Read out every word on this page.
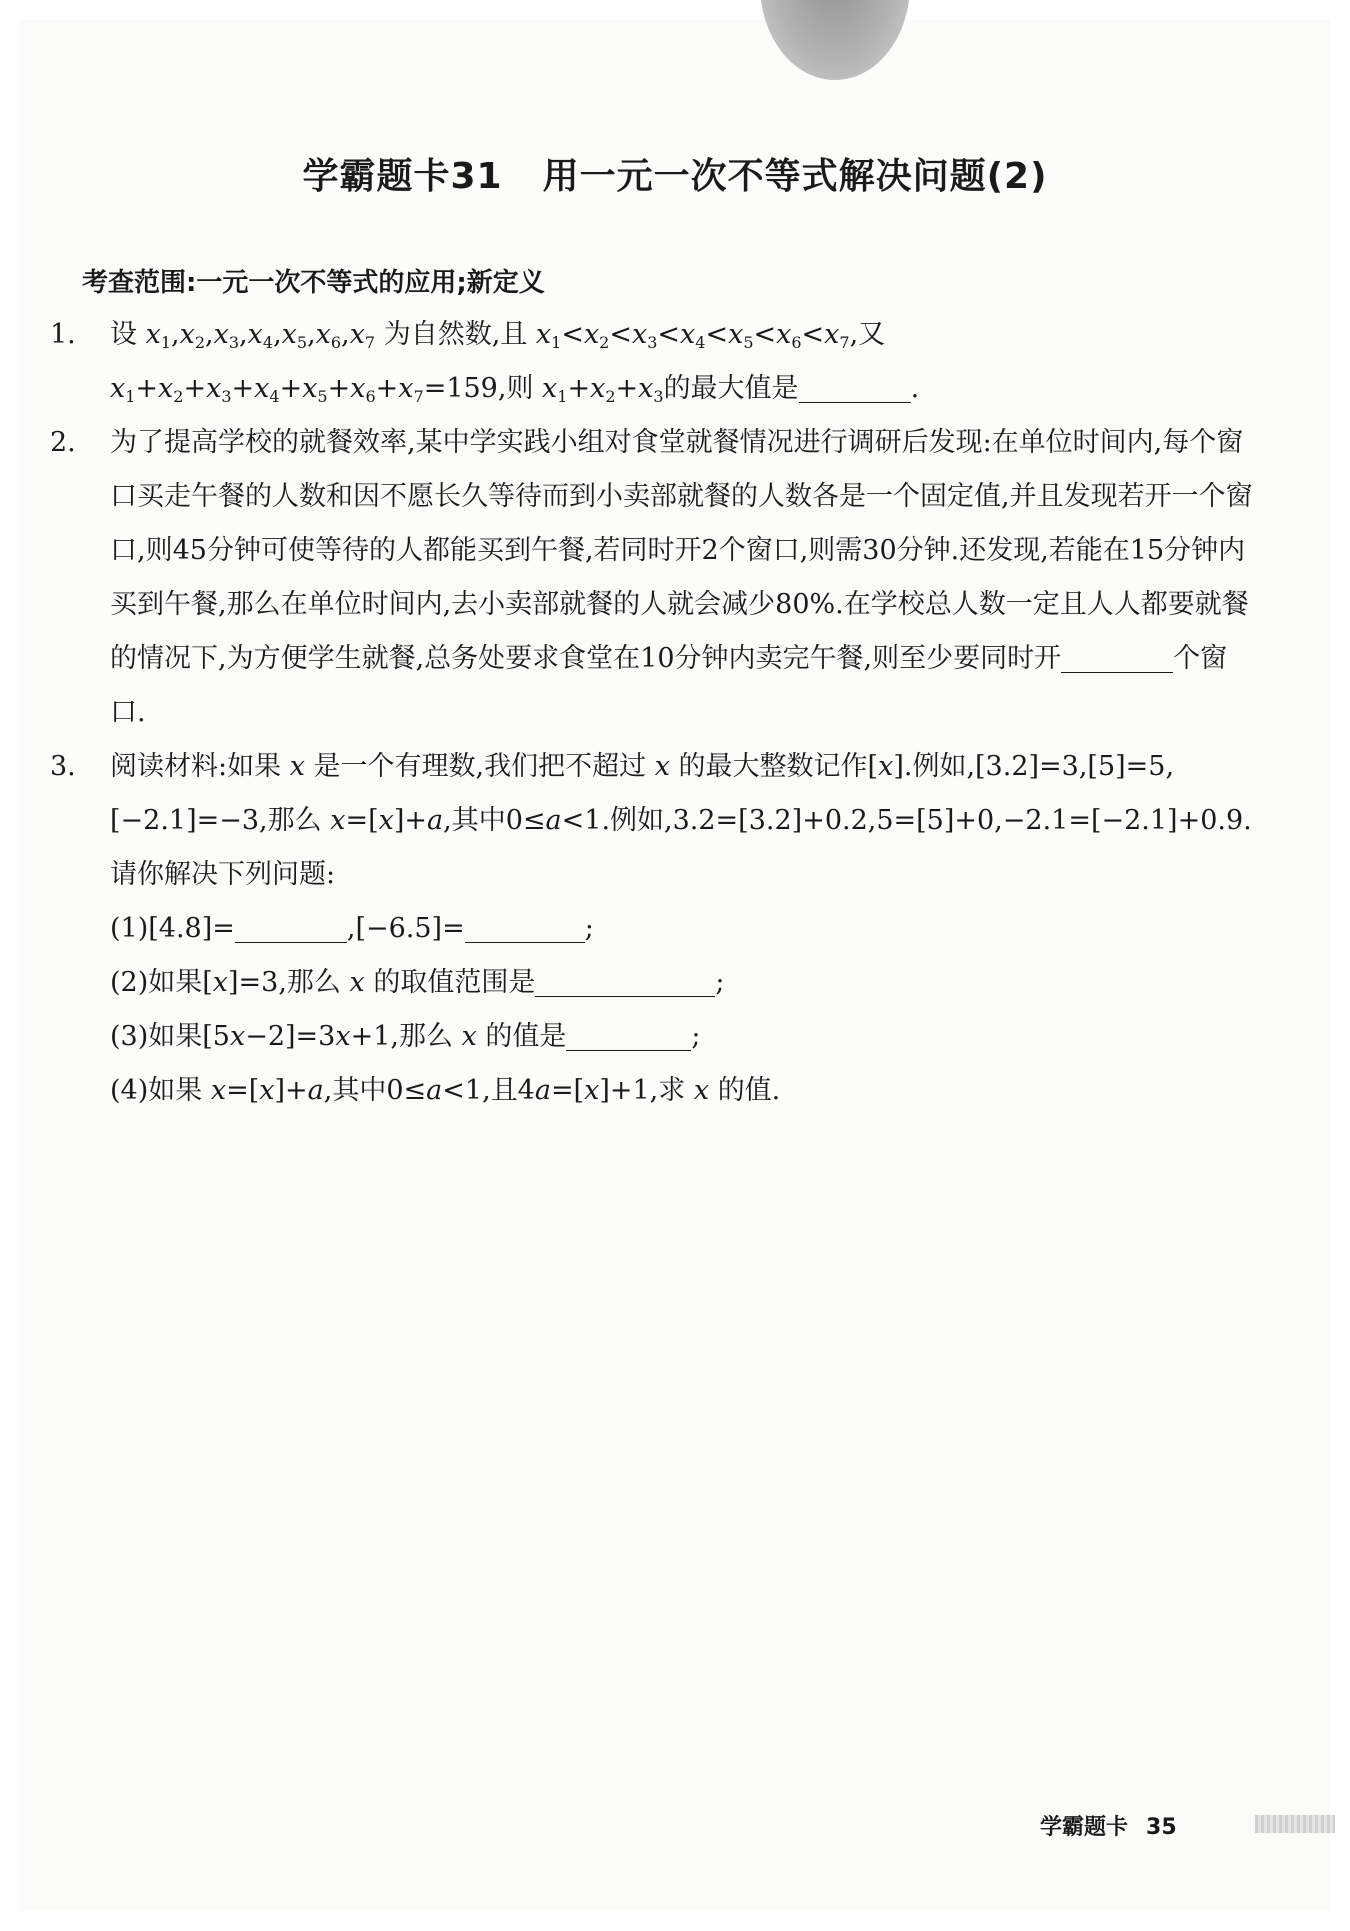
学霸题卡31 用一元一次不等式解决问题(2)
考查范围:一元一次不等式的应用;新定义

1. 设 $x_1,x_2,x_3,x_4,x_5,x_6,x_7$ 为自然数,且 $x_1<x_2<x_3<x_4<x_5<x_6<x_7$,又 $x_1+x_2+x_3+x_4+x_5+x_6+x_7=159$,则 $x_1+x_2+x_3$的最大值是	.

2. 为了提高学校的就餐效率,某中学实践小组对食堂就餐情况进行调研后发现:在单位时间内,每个窗口买走午餐的人数和因不愿长久等待而到小卖部就餐的人数各是一个固定值,并且发现若开一个窗口,则45分钟可使等待的人都能买到午餐,若同时开2个窗口,则需30分钟.还发现,若能在15分钟内买到午餐,那么在单位时间内,去小卖部就餐的人就会减少80%.在学校总人数一定且人人都要就餐的情况下,为方便学生就餐,总务处要求食堂在10分钟内卖完午餐,则至少要同时开	个窗口.

3. 阅读材料:如果 x 是一个有理数,我们把不超过 x 的最大整数记作[x].例如,[3.2]=3,[5]=5,[−2.1]=−3,那么 x=[x]+a,其中0≤a<1.例如,3.2=[3.2]+0.2,5=[5]+0,−2.1=[−2.1]+0.9.

请你解决下列问题:

(1)[4.8]=	,[−6.5]=	;

(2)如果[x]=3,那么 x 的取值范围是	;

(3)如果[5x−2]=3x+1,那么 x 的值是	;

(4)如果 x=[x]+a,其中0≤a<1,且4a=[x]+1,求 x 的值.

学霸题卡 35
